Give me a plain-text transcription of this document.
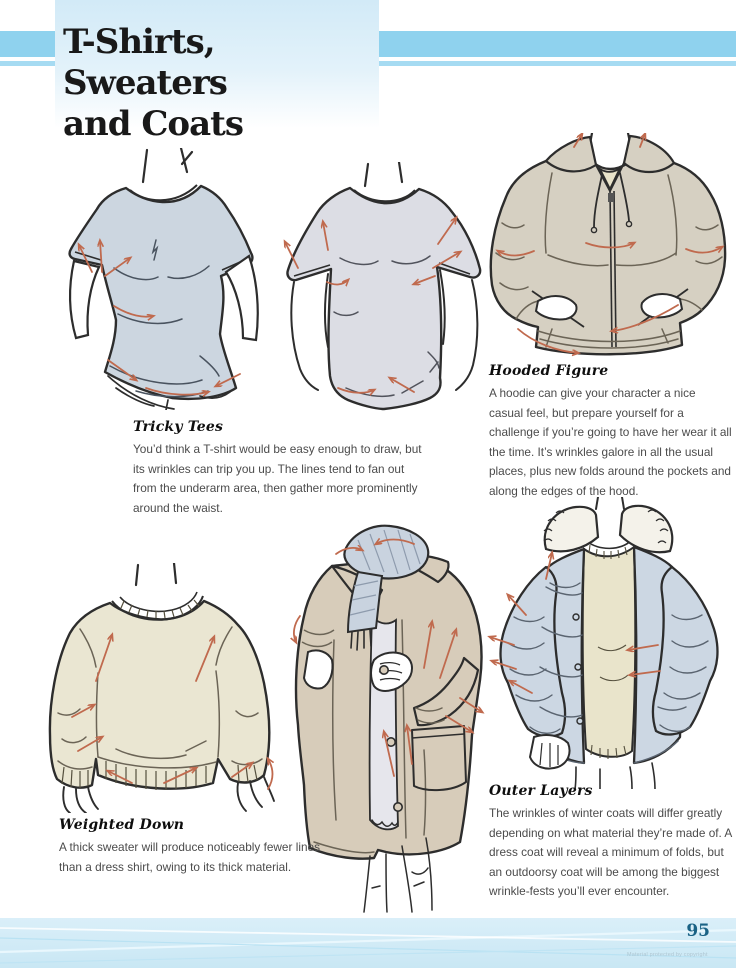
T-Shirts, Sweaters
and Coats
Tricky Tees

You’d think a T-shirt would be easy enough to draw, but its wrinkles can trip you up. The lines tend to fan out from the underarm area, then gather more prominently around the waist.

Hooded Figure

A hoodie can give your character a nice casual feel, but prepare yourself for a challenge if you’re going to have her wear it all the time. It’s wrinkles galore in all the usual places, plus new folds around the pockets and along the edges of the hood.

Weighted Down

A thick sweater will produce noticeably fewer lines than a dress shirt, owing to its thick material.

Outer Layers

The wrinkles of winter coats will differ greatly depending on what material they’re made of. A dress coat will reveal a minimum of folds, but an outdoorsy coat will be among the biggest wrinkle-fests you’ll ever encounter.

95
Material protected by copyright
